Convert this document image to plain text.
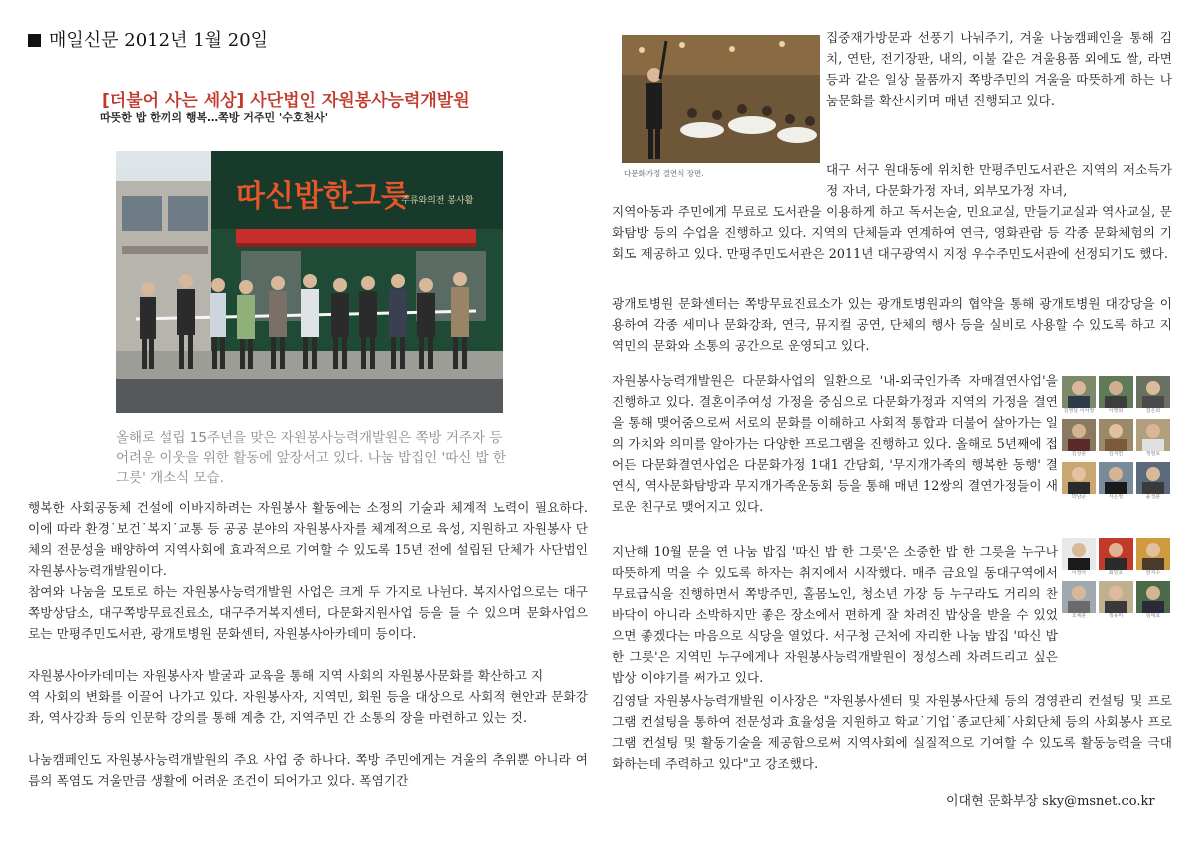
매일신문 2012년 1월 20일
[더불어 사는 세상] 사단법인 자원봉사능력개발원
따뜻한 밥 한끼의 행복…쪽방 거주민 '수호천사'
따신밥한그릇
주류와의전 봉사활
올해로 설립 15주년을 맞은 자원봉사능력개발원은 쪽방 거주자 등 어려운 이웃을 위한 활동에 앞장서고 있다. 나눔 밥집인 '따신 밥 한 그릇' 개소식 모습.

행복한 사회공동체 건설에 이바지하려는 자원봉사 활동에는 소정의 기술과 체계적 노력이 필요하다. 이에 따라 환경˙보건˙복지˙교통 등 공공 분야의 자원봉사자를 체계적으로 육성, 지원하고 자원봉사 단체의 전문성을 배양하여 지역사회에 효과적으로 기여할 수 있도록 15년 전에 설립된 단체가 사단법인 자원봉사능력개발원이다.

참여와 나눔을 모토로 하는 자원봉사능력개발원 사업은 크게 두 가지로 나뉜다. 복지사업으로는 대구쪽방상담소, 대구쪽방무료진료소, 대구주거복지센터, 다문화지원사업 등을 들 수 있으며 문화사업으로는 만평주민도서관, 광개토병원 문화센터, 자원봉사아카데미 등이다.

자원봉사아카데미는 자원봉사자 발굴과 교육을 통해 지역 사회의 자원봉사문화를 확산하고 지

역 사회의 변화를 이끌어 나가고 있다. 자원봉사자, 지역민, 회원 등을 대상으로 사회적 현안과 문화강좌, 역사강좌 등의 인문학 강의를 통해 계층 간, 지역주민 간 소통의 장을 마련하고 있는 것.

나눔캠페인도 자원봉사능력개발원의 주요 사업 중 하나다. 쪽방 주민에게는 겨울의 추위뿐 아니라 여름의 폭염도 겨울만큼 생활에 어려운 조건이 되어가고 있다. 폭염기간

다문화가정 결연식 장면.

집중재가방문과 선풍기 나눠주기, 겨울 나눔캠페인을 통해 김치, 연탄, 전기장판, 내의, 이불 같은 겨울용품 외에도 쌀, 라면 등과 같은 일상 물품까지 쪽방주민의 겨울을 따뜻하게 하는 나눔문화를 확산시키며 매년 진행되고 있다.

대구 서구 원대동에 위치한 만평주민도서관은 지역의 저소득가정 자녀, 다문화가정 자녀, 외부모가정 자녀,

지역아동과 주민에게 무료로 도서관을 이용하게 하고 독서논술, 민요교실, 만들기교실과 역사교실, 문화탐방 등의 수업을 진행하고 있다. 지역의 단체들과 연계하여 연극, 영화관람 등 각종 문화체험의 기회도 제공하고 있다. 만평주민도서관은 2011년 대구광역시 지정 우수주민도서관에 선정되기도 했다.

광개토병원 문화센터는 쪽방무료진료소가 있는 광개토병원과의 협약을 통해 광개토병원 대강당을 이용하여 각종 세미나 문화강좌, 연극, 뮤지컬 공연, 단체의 행사 등을 실비로 사용할 수 있도록 하고 지역민의 문화와 소통의 공간으로 운영되고 있다.

자원봉사능력개발원은 다문화사업의 일환으로 '내-외국인가족 자매결연사업'을 진행하고 있다. 결혼이주여성 가정을 중심으로 다문화가정과 지역의 가정을 결연을 통해 맺어줌으로써 서로의 문화를 이해하고 사회적 통합과 더불어 살아가는 일의 가치와 의미를 알아가는 다양한 프로그램을 진행하고 있다. 올해로 5년째에 접어든 다문화결연사업은 다문화가정 1대1 간담회, '무지개가족의 행복한 동행' 결연식, 역사문화탐방과 무지개가족운동회 등을 통해 매년 12쌍의 결연가정들이 새로운 친구로 맺어지고 있다.

지난해 10월 문을 연 나눔 밥집 '따신 밥 한 그릇'은 소중한 밥 한 그릇을 누구나 따뜻하게 먹을 수 있도록 하자는 취지에서 시작했다. 매주 금요일 동대구역에서 무료급식을 진행하면서 쪽방주민, 홀몸노인, 청소년 가장 등 누구라도 거리의 찬 바닥이 아니라 소박하지만 좋은 장소에서 편하게 잘 차려진 밥상을 받을 수 있었으면 좋겠다는 마음으로 식당을 열었다. 서구청 근처에 자리한 나눔 밥집 '따신 밥 한 그릇'은 지역민 누구에게나 자원봉사능력개발원이 정성스레 차려드리고 싶은 밥상 이야기를 써가고 있다.

김영달 자원봉사능력개발원 이사장은 "자원봉사센터 및 자원봉사단체 등의 경영관리 컨설팅 및 프로그램 컨설팅을 통하여 전문성과 효율성을 지원하고 학교˙기업˙종교단체˙사회단체 등의 사회봉사 프로그램 컨설팅 및 활동기술을 제공함으로써 지역사회에 실질적으로 기여할 수 있도록 활동능력을 극대화하는데 주력하고 있다"고 강조했다.

김영달 이사장	이영희	김은희
김상훈	김지연	정현호
박남준	서은영	윤성훈
이정아	최민호	한지수
오세훈	정유미	임태호
이대현 문화부장 sky@msnet.co.kr
